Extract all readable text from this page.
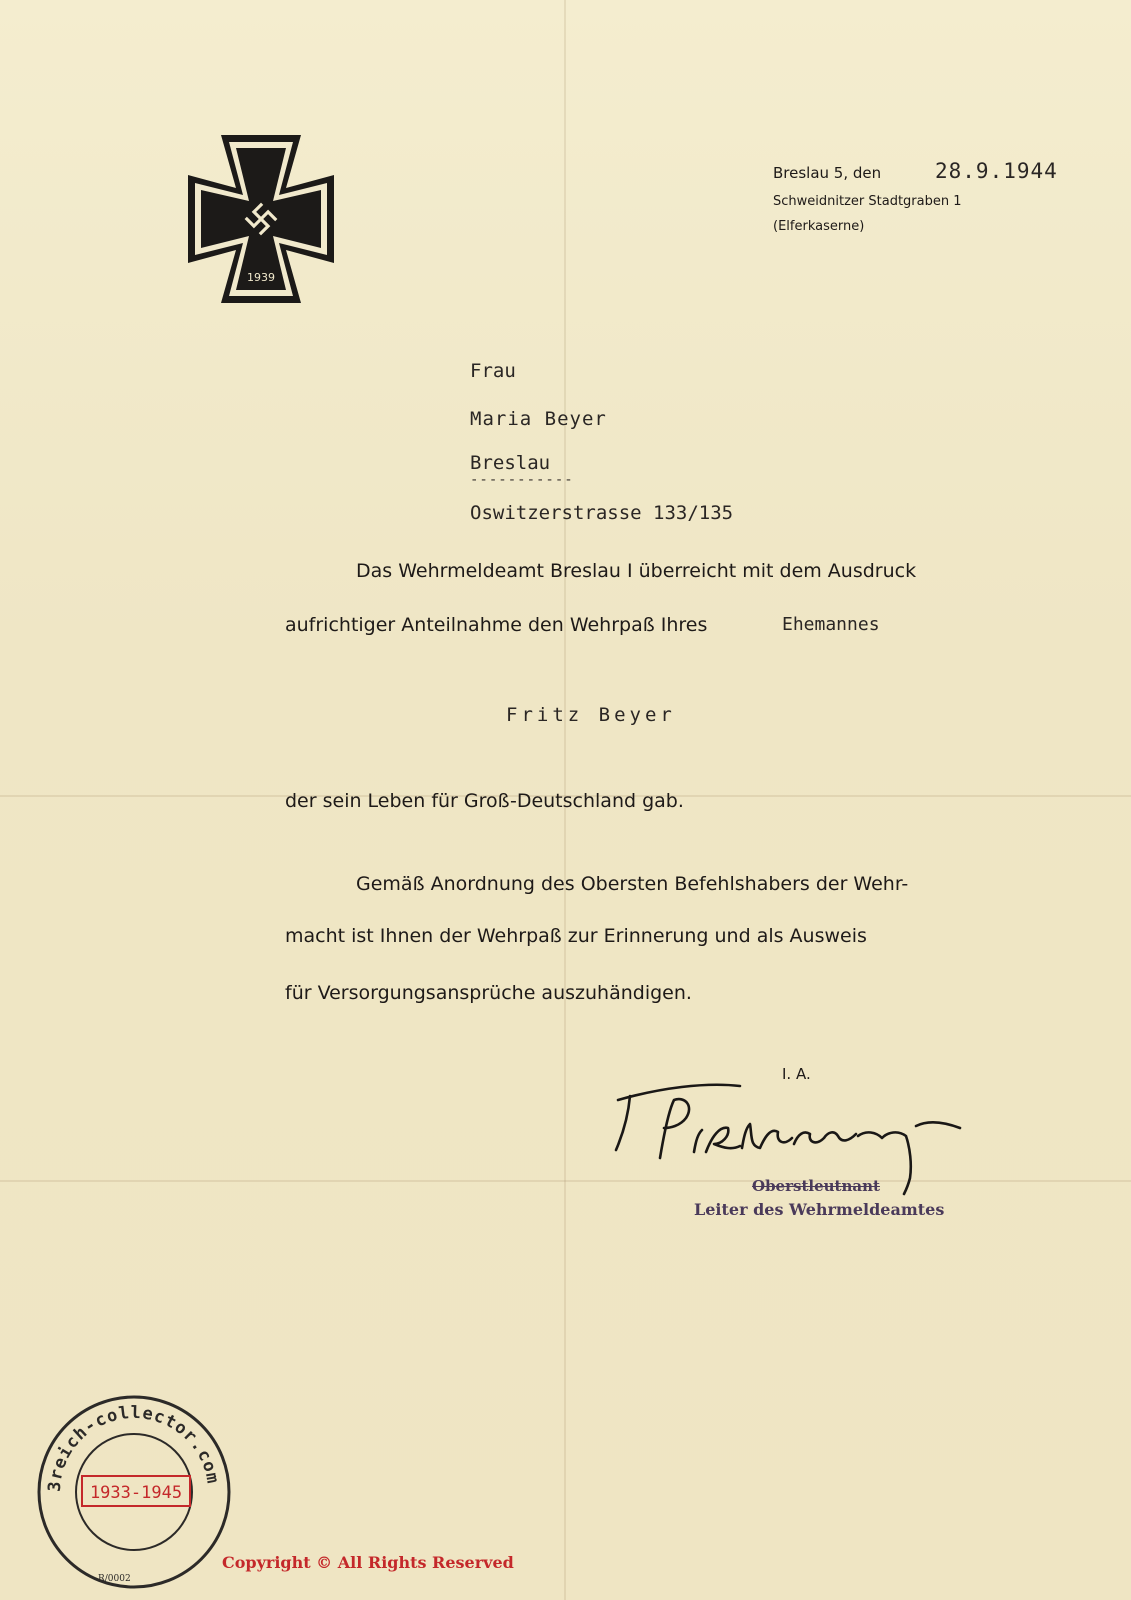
1939
Breslau 5, den	28.9.1944
Schweidnitzer Stadtgraben 1
(Elferkaserne)
Frau
Maria Beyer
Breslau
-----------
Oswitzerstrasse 133/135
Das Wehrmeldeamt Breslau I überreicht mit dem Ausdruck
aufrichtiger Anteilnahme den Wehrpaß Ihres	Ehemannes
Fritz Beyer
der sein Leben für Groß-Deutschland gab.
Gemäß Anordnung des Obersten Befehlshabers der Wehr-
macht ist Ihnen der Wehrpaß zur Erinnerung und als Ausweis
für Versorgungsansprüche auszuhändigen.
I. A.
Oberstleutnant
Leiter des Wehrmeldeamtes
3reich-collector.com
1933-1945
R/0002
Copyright © All Rights Reserved
